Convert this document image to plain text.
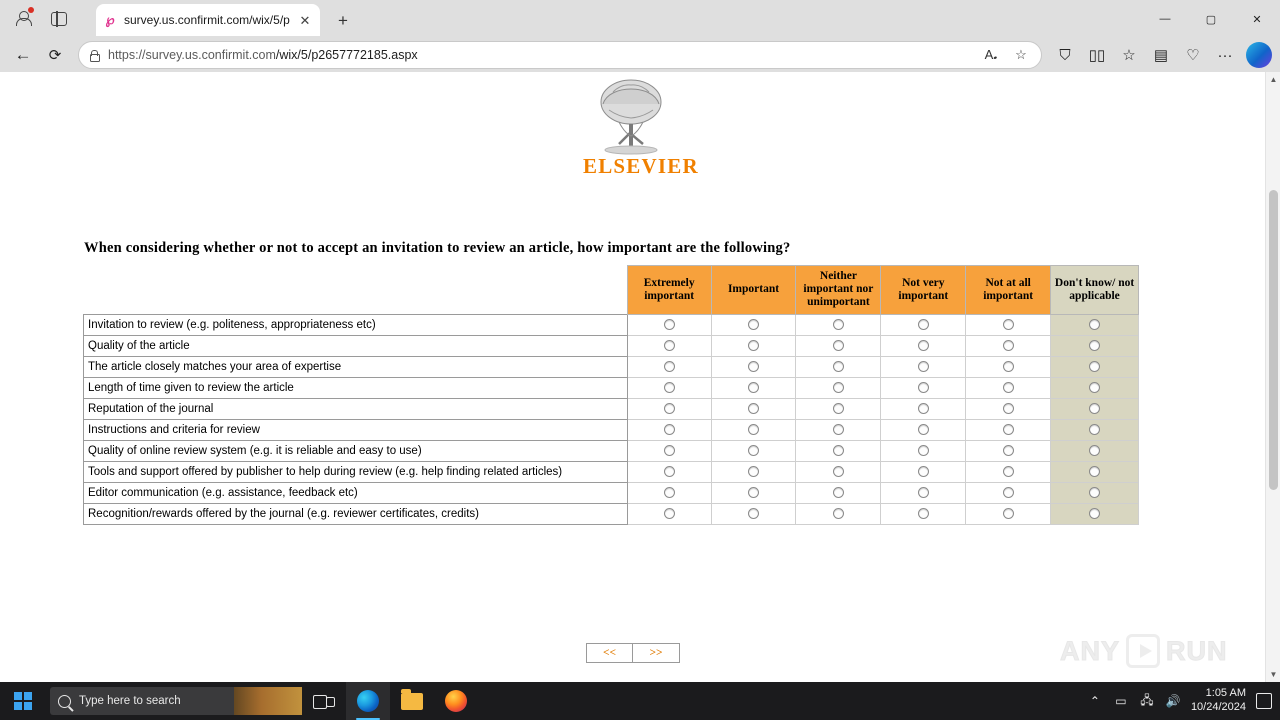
℘ survey.us.confirmit.com/wix/5/p ✕	+	—	▢	✕
←	⟳	https://survey.us.confirmit.com/wix/5/p2657772185.aspx	A𝅘	☆	⛉	▯▯	☆	▤	♡	···
ELSEVIER
When considering whether or not to accept an invitation to review an article, how important are the following?
	Extremely important	Important	Neither important nor unimportant	Not very important	Not at all important	Don't know/ not applicable
Invitation to review (e.g. politeness, appropriateness etc)						
Quality of the article						
The article closely matches your area of expertise						
Length of time given to review the article						
Reputation of the journal						
Instructions and criteria for review						
Quality of online review system (e.g. it is reliable and easy to use)						
Tools and support offered by publisher to help during review (e.g. help finding related articles)						
Editor communication (e.g. assistance, feedback etc)						
Recognition/rewards offered by the journal (e.g. reviewer certificates, credits)						
<<	>>	ANY RUN
▲
▼
Type here to search	⌃ ▭ 🖧 🔊
1:05 AM
10/24/2024
